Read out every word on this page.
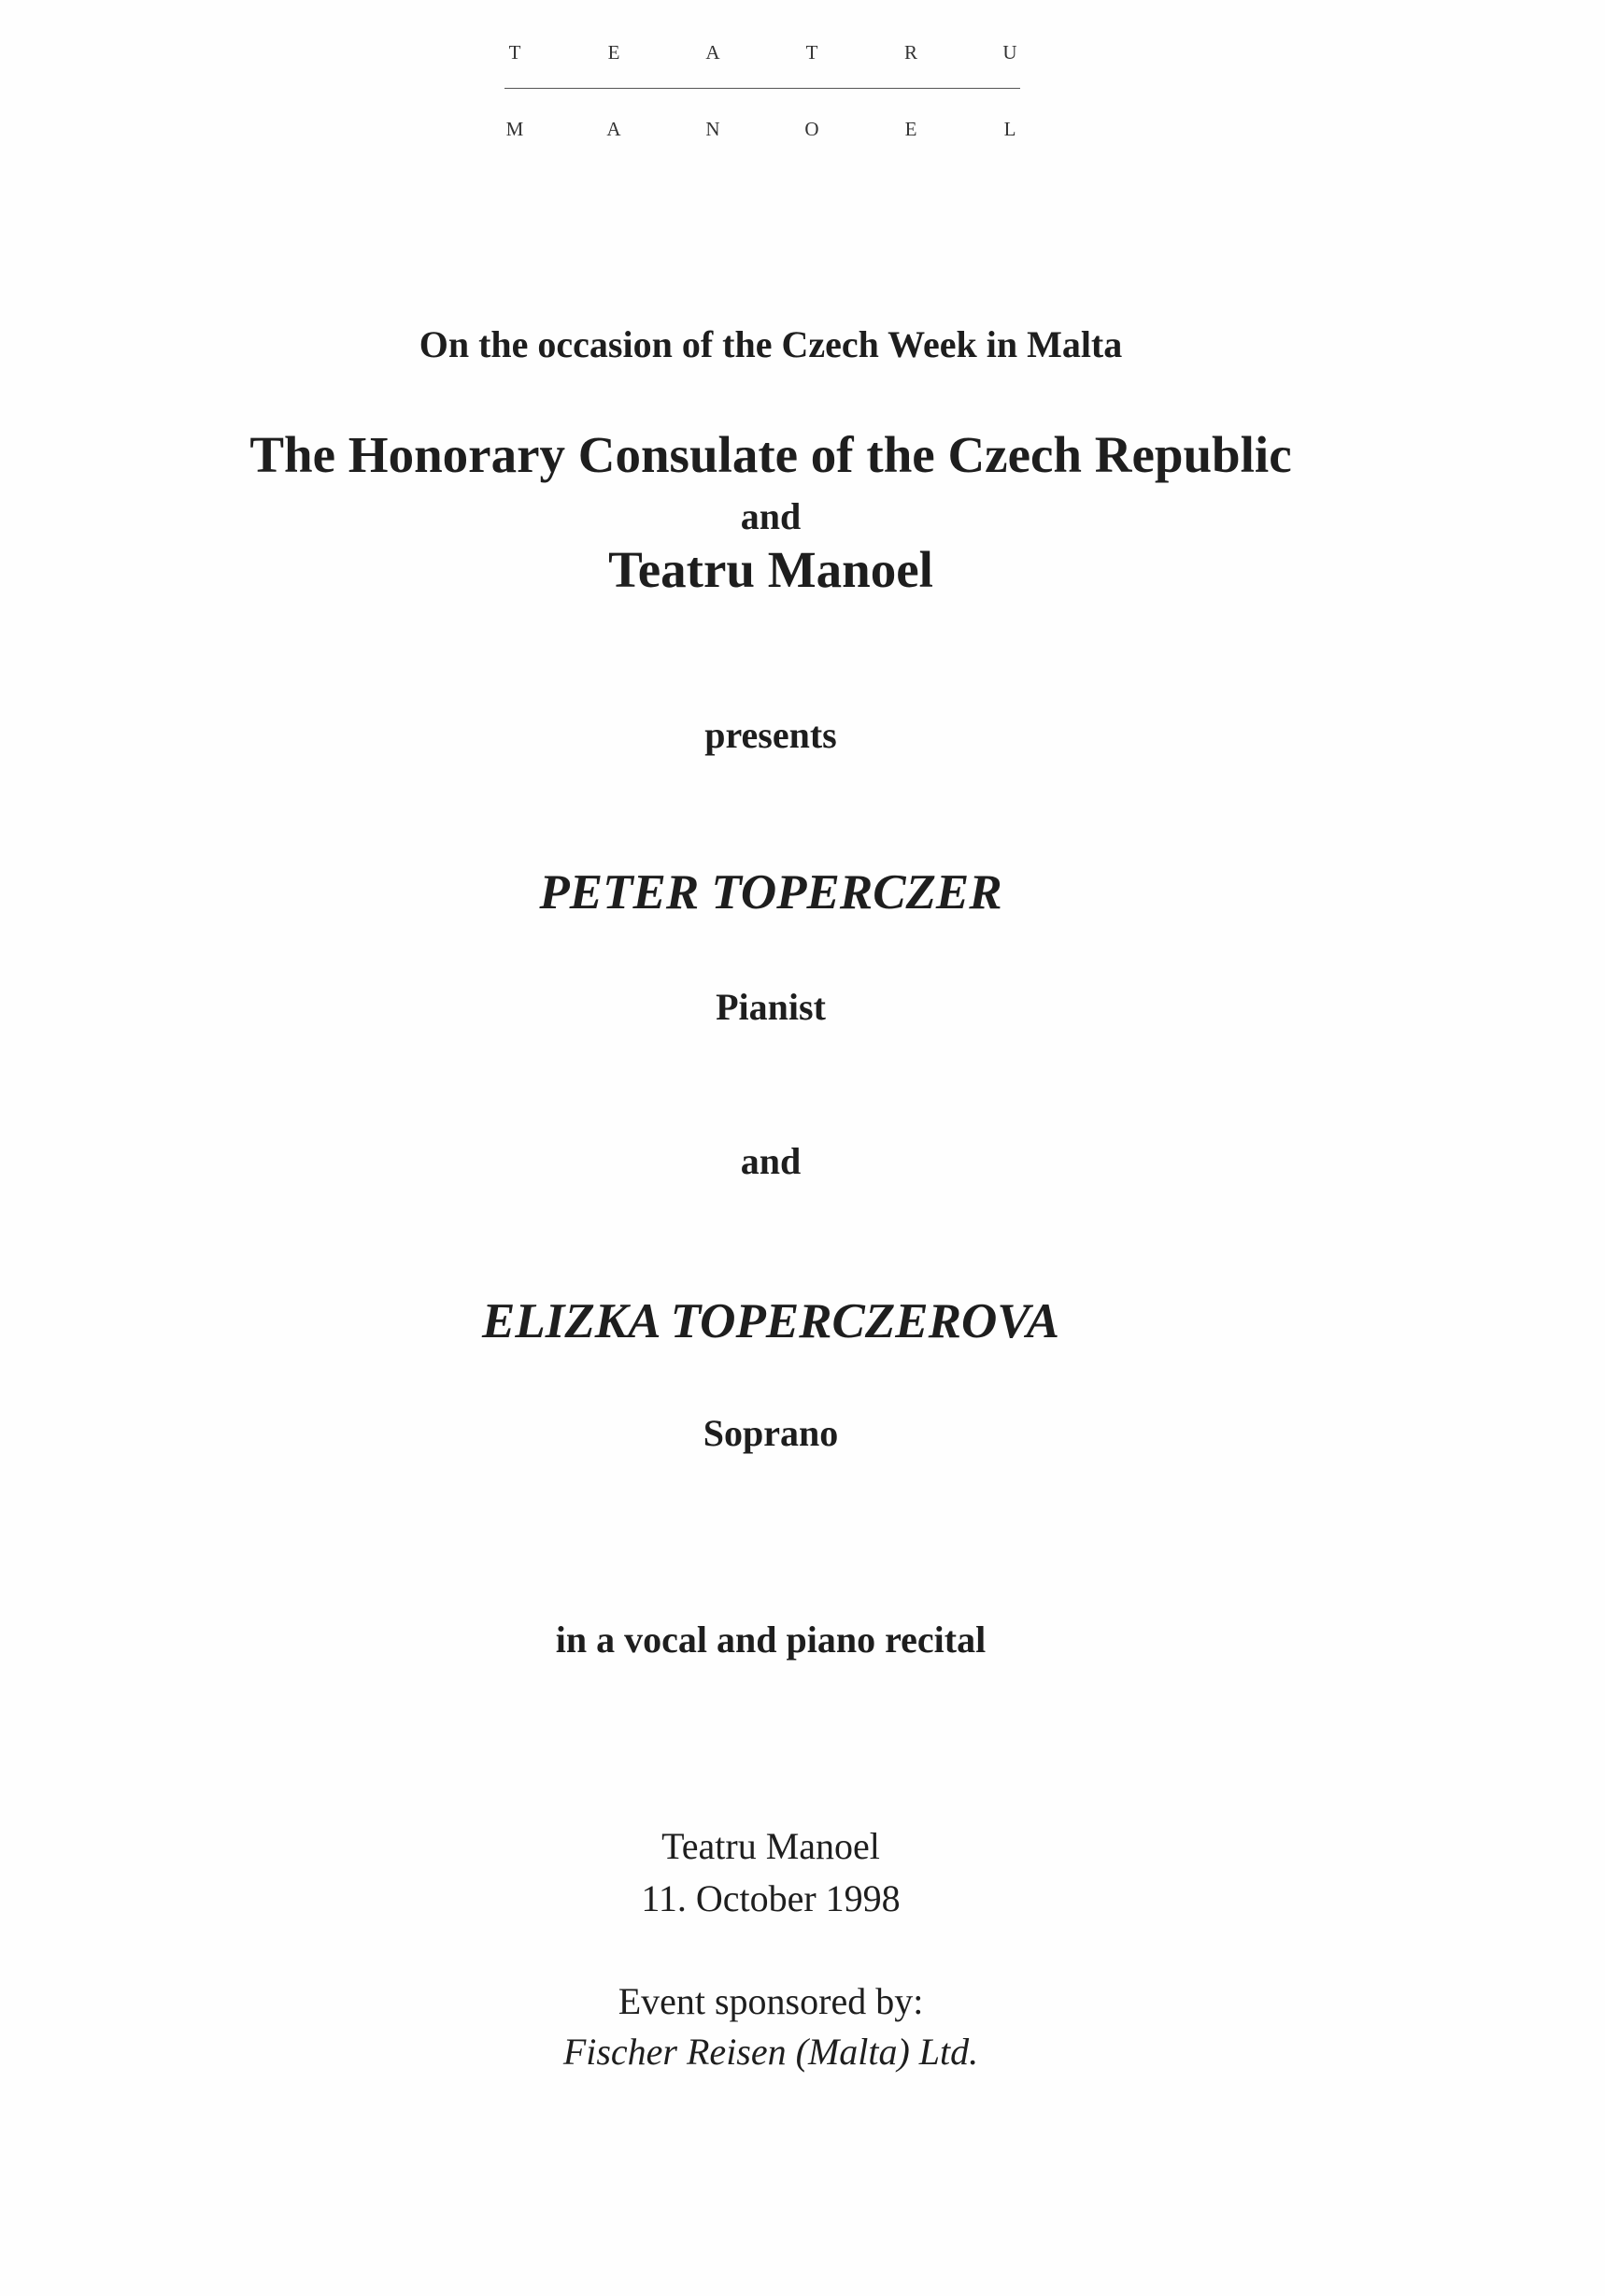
T	E	A	T	R	U
M	A	N	O	E	L
On the occasion of the Czech Week in Malta
The Honorary Consulate of the Czech Republic
and
Teatru Manoel
presents
PETER TOPERCZER
Pianist
and
ELIZKA TOPERCZEROVA
Soprano
in a vocal and piano recital
Teatru Manoel
11. October 1998
Event sponsored by:
Fischer Reisen (Malta) Ltd.
